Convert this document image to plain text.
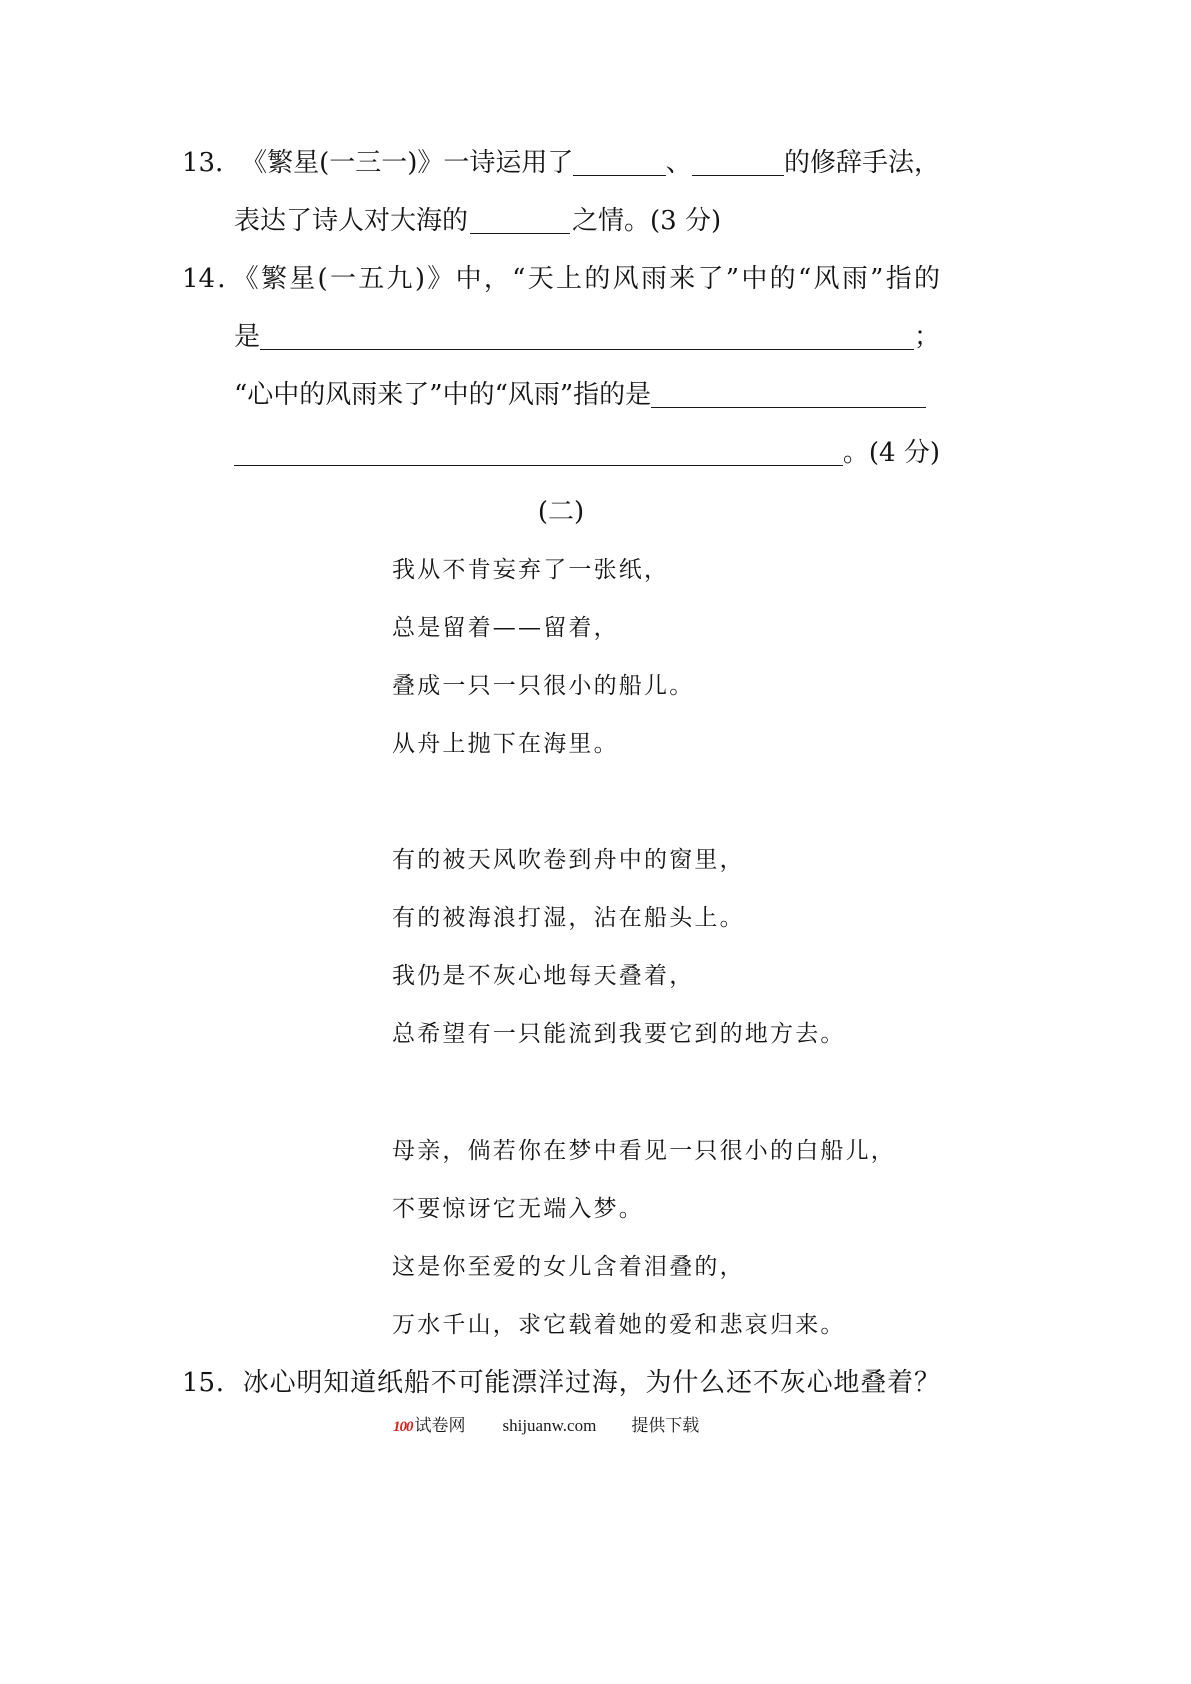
13． 《繁星(一三一)》一诗运用了	、	的修辞手法，
表达了诗人对大海的	之情。(3 分)
14．《繁星(一五九)》中，“天上的风雨来了”中的“风雨”指的
是	；
“心中的风雨来了”中的“风雨”指的是
。(4 分)
(二)
我从不肯妄弃了一张纸，
总是留着——留着，
叠成一只一只很小的船儿。
从舟上抛下在海里。
有的被天风吹卷到舟中的窗里，
有的被海浪打湿，沾在船头上。
我仍是不灰心地每天叠着，
总希望有一只能流到我要它到的地方去。
母亲，倘若你在梦中看见一只很小的白船儿，
不要惊讶它无端入梦。
这是你至爱的女儿含着泪叠的，
万水千山，求它载着她的爱和悲哀归来。
15．冰心明知道纸船不可能漂洋过海，为什么还不灰心地叠着？
100 试卷网 shijuanw.com 提供下载
